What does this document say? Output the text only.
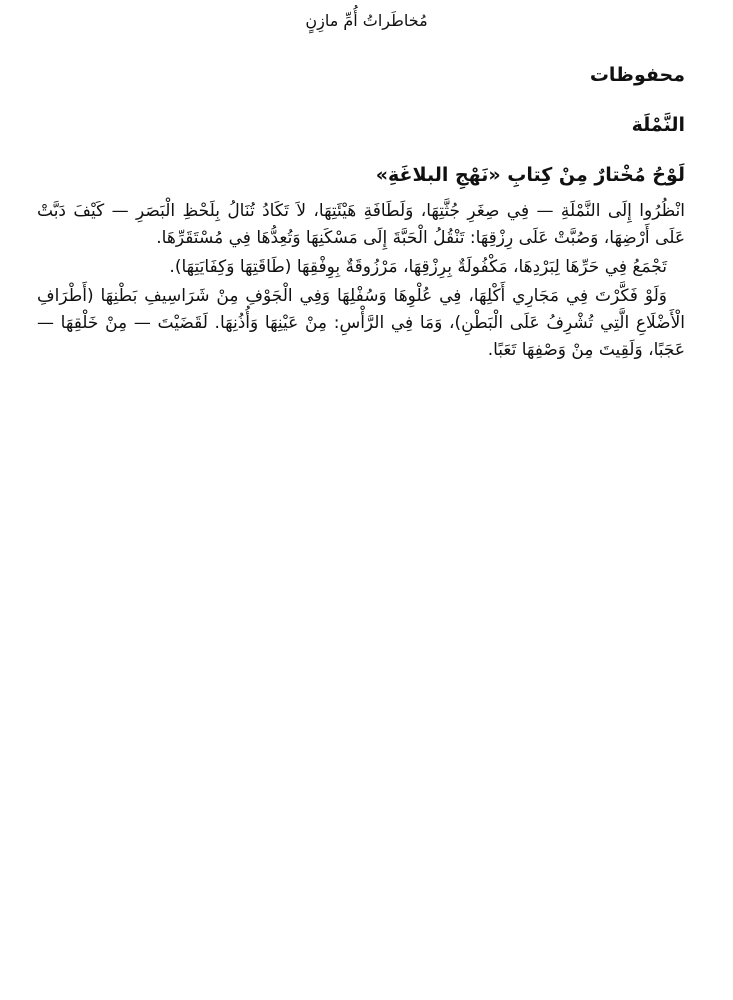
مُخاطَراتُ أُمِّ مازِنٍ
محفوظات
النَّمْلَة
لَوْحُ مُخْتارٌ مِنْ كِتابِ «نَهْجِ البلاغَةِ»

انْظُرُوا إِلَى النَّمْلَةِ — فِي صِغَرِ جُثَّتِهَا، وَلَطَافَةِ هَيْئَتِهَا، لاَ تَكَادُ تُنَالُ بِلَحْظِ الْبَصَرِ — كَيْفَ دَبَّتْ عَلَى أَرْضِهَا، وَصُبَّتْ عَلَى رِزْقِهَا: تَنْقُلُ الْحَبَّةَ إِلَى مَسْكَنِهَا وَتُعِدُّهَا فِي مُسْتَقَرِّهَا.

تَجْمَعُ فِي حَرِّهَا لِبَرْدِهَا، مَكْفُولَةٌ بِرِزْقِهَا، مَرْزُوقَةٌ بِوِفْقِهَا (طَاقَتِهَا وَكِفَايَتِهَا).

وَلَوْ فَكَّرْتَ فِي مَجَارِي أَكْلِهَا، فِي عُلْوِهَا وَسُفْلِهَا وَفِي الْجَوْفِ مِنْ شَرَاسِيفِ بَطْنِهَا (أَطْرَافِ الْأَضْلَاعِ الَّتِي تُشْرِفُ عَلَى الْبَطْنِ)، وَمَا فِي الرَّأْسِ: مِنْ عَيْنِهَا وَأُذُنِهَا. لَقَضَيْتَ — مِنْ خَلْقِهَا — عَجَبًا، وَلَقِيتَ مِنْ وَصْفِهَا تَعَبًا.
